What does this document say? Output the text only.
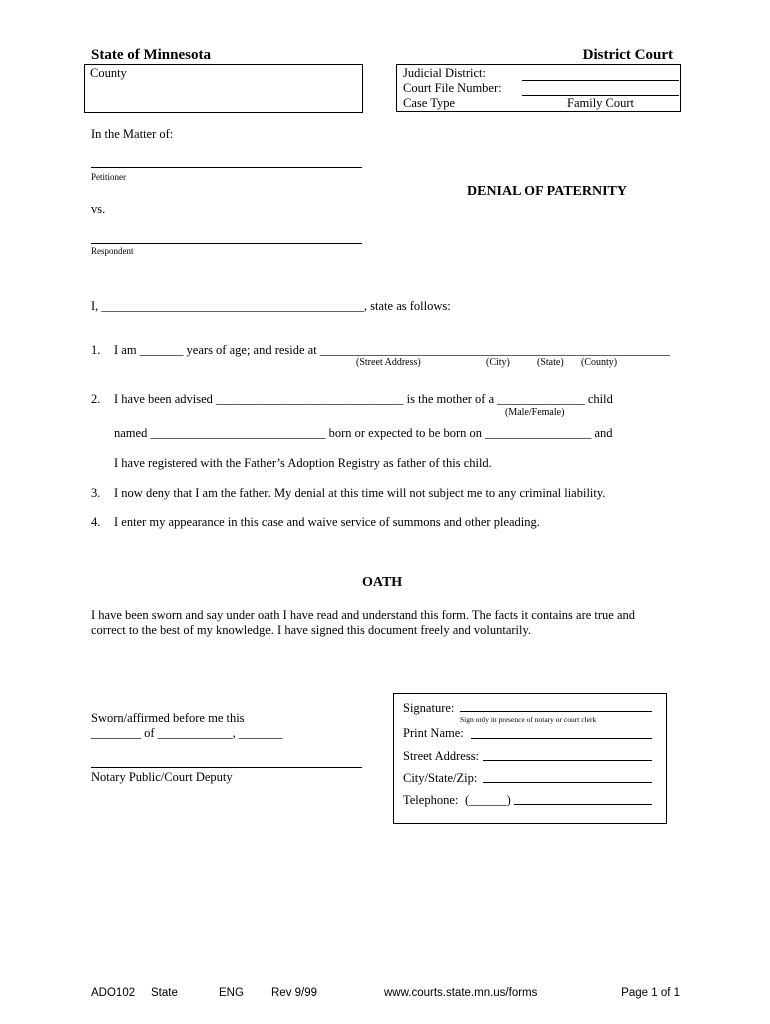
State of Minnesota	District Court
County	Judicial District:
Court File Number:
Case Type	Family Court
In the Matter of:
Petitioner
vs.
Respondent
DENIAL OF PATERNITY
I, __________________________________________, state as follows:
1. I am _______ years of age; and reside at ________________________________________________________
(Street Address)	(City)	(State) (County)
2. I have been advised ______________________________ is the mother of a ______________ child
(Male/Female)
named ____________________________ born or expected to be born on _________________ and
I have registered with the Father’s Adoption Registry as father of this child.
3. I now deny that I am the father. My denial at this time will not subject me to any criminal liability.
4. I enter my appearance in this case and waive service of summons and other pleading.
OATH
I have been sworn and say under oath I have read and understand this form. The facts it contains are true and correct to the best of my knowledge. I have signed this document freely and voluntarily.
Sworn/affirmed before me this
________ of ____________, _______
Notary Public/Court Deputy
Signature:
Sign only in presence of notary or court clerk
Print Name:
Street Address:
City/State/Zip:
Telephone: (______)
ADO102 State	ENG Rev 9/99	www.courts.state.mn.us/forms	Page 1 of 1
